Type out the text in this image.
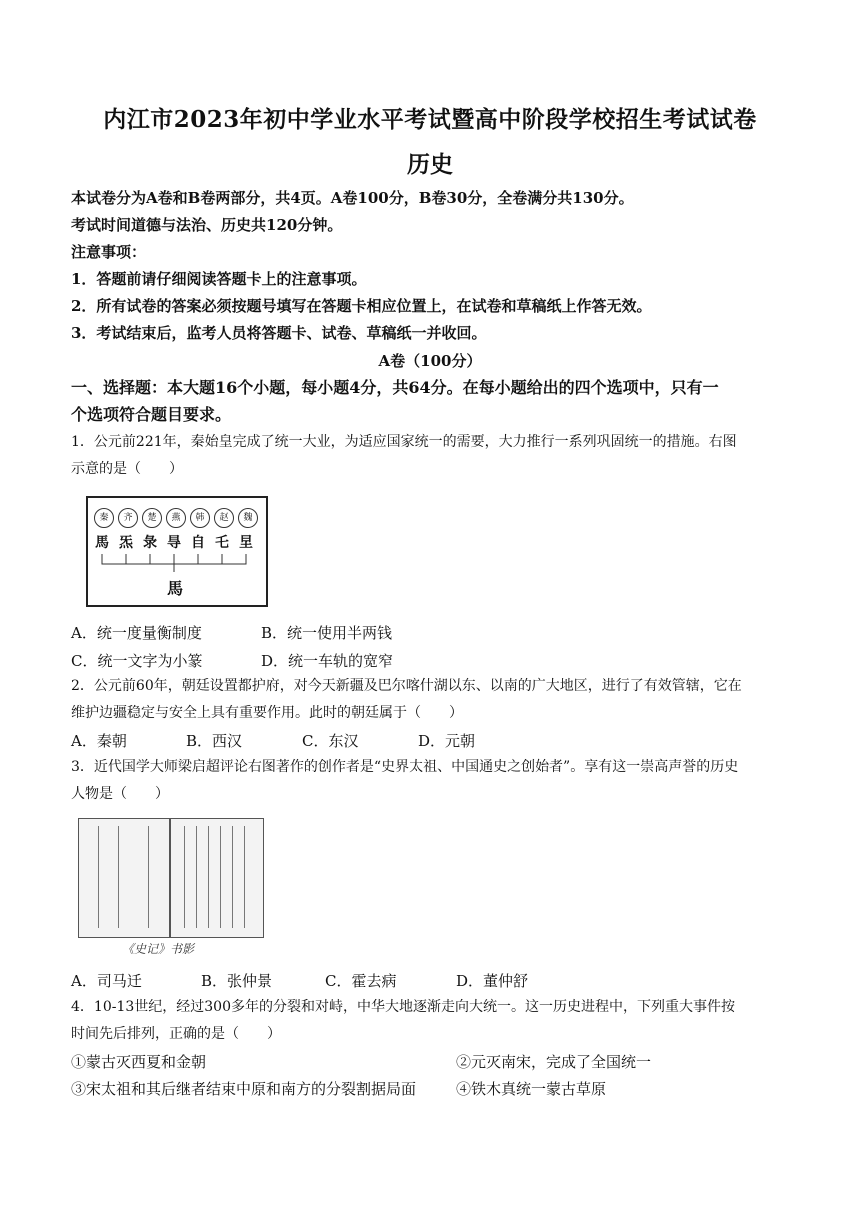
内江市2023年初中学业水平考试暨高中阶段学校招生考试试卷
历史
本试卷分为A卷和B卷两部分，共4页。A卷100分，B卷30分，全卷满分共130分。
考试时间道德与法治、历史共120分钟。
注意事项：
1．答题前请仔细阅读答题卡上的注意事项。
2．所有试卷的答案必须按题号填写在答题卡相应位置上，在试卷和草稿纸上作答无效。
3．考试结束后，监考人员将答题卡、试卷、草稿纸一并收回。
A卷（100分）
一、选择题：本大题16个小题，每小题4分，共64分。在每小题给出的四个选项中，只有一
个选项符合题目要求。
1．公元前221年，秦始皇完成了统一大业，为适应国家统一的需要，大力推行一系列巩固统一的措施。右图
示意的是（　　）
秦	齐	楚	燕	韩	赵	魏
馬 炁 彔 㝵 自 乇 圼
馬
A．统一度量衡制度	B．统一使用半两钱
C．统一文字为小篆	D．统一车轨的宽窄
2．公元前60年，朝廷设置都护府，对今天新疆及巴尔喀什湖以东、以南的广大地区，进行了有效管辖，它在
维护边疆稳定与安全上具有重要作用。此时的朝廷属于（　　）
A．秦朝	B．西汉	C．东汉	D．元朝
3．近代国学大师梁启超评论右图著作的创作者是“史界太祖、中国通史之创始者”。享有这一崇高声誉的历史
人物是（　　）
《史记》书影
A．司马迁	B．张仲景	C．霍去病	D．董仲舒
4．10-13世纪，经过300多年的分裂和对峙，中华大地逐渐走向大统一。这一历史进程中，下列重大事件按
时间先后排列，正确的是（　　）
①蒙古灭西夏和金朝	②元灭南宋，完成了全国统一
③宋太祖和其后继者结束中原和南方的分裂割据局面	④铁木真统一蒙古草原
